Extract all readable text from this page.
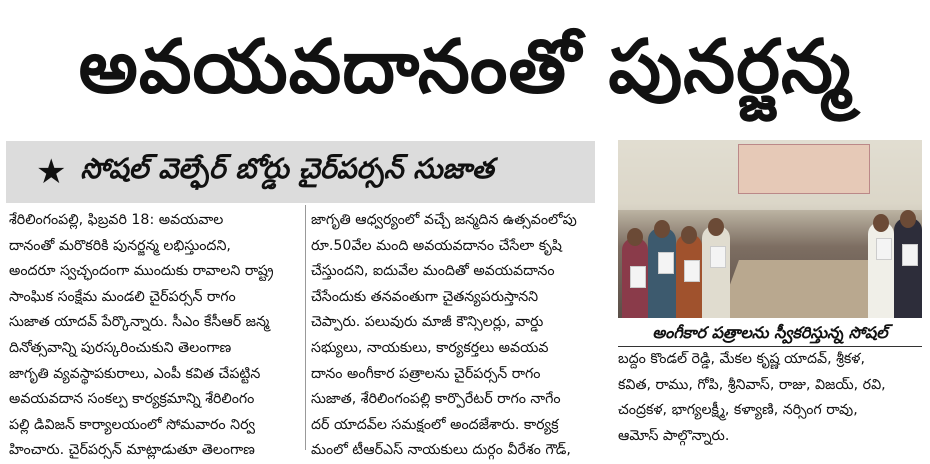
అవయవదానంతో పునర్జన్మ
★ సోషల్ వెల్ఫేర్ బోర్డు చైర్‌పర్సన్ సుజాత
శేరిలింగంపల్లి, ఫిబ్రవరి 18: అవయవాల
దానంతో మరొకరికి పునర్జన్మ లభిస్తుందని,
అందరూ స్వచ్ఛందంగా ముందుకు రావాలని రాష్ట్ర
సాంఘిక సంక్షేమ మండలి చైర్‌పర్సన్ రాగం
సుజాత యాదవ్ పేర్కొన్నారు. సీఎం కేసీఆర్ జన్మ
దినోత్సవాన్ని పురస్కరించుకుని తెలంగాణ
జాగృతి వ్యవస్థాపకురాలు, ఎంపీ కవిత చేపట్టిన
అవయవదాన సంకల్ప కార్యక్రమాన్ని శేరిలింగం
పల్లి డివిజన్ కార్యాలయంలో సోమవారం నిర్వ
హించారు. చైర్‌పర్సన్ మాట్లాడుతూ తెలంగాణ
జాగృతి ఆధ్వర్యంలో వచ్చే జన్మదిన ఉత్సవంలోపు
రూ.50వేల మంది అవయవదానం చేసేలా కృషి
చేస్తుందని, ఐదువేల మందితో అవయవదానం
చేసేందుకు తనవంతుగా చైతన్యపరుస్తానని
చెప్పారు. పలువురు మాజీ కౌన్సిలర్లు, వార్డు
సభ్యులు, నాయకులు, కార్యకర్తలు అవయవ
దానం అంగీకార పత్రాలను చైర్‌పర్సన్ రాగం
సుజాత, శేరిలింగంపల్లి కార్పొరేటర్ రాగం నాగేం
దర్ యాదవ్‌ల సమక్షంలో అందజేశారు. కార్యక్ర
మంలో టీఆర్ఎస్ నాయకులు దుర్గం వీరేశం గౌడ్,
అంగీకార పత్రాలను స్వీకరిస్తున్న సోషల్
బద్దం కొండల్ రెడ్డి, మేకల కృష్ణ యాదవ్, శ్రీకళ,
కవిత, రాము, గోపి, శ్రీనివాస్, రాజు, విజయ్, రవి,
చంద్రకళ, భాగ్యలక్ష్మీ, కళ్యాణి, నర్సింగ రావు,
ఆమోస్ పాల్గొన్నారు.
